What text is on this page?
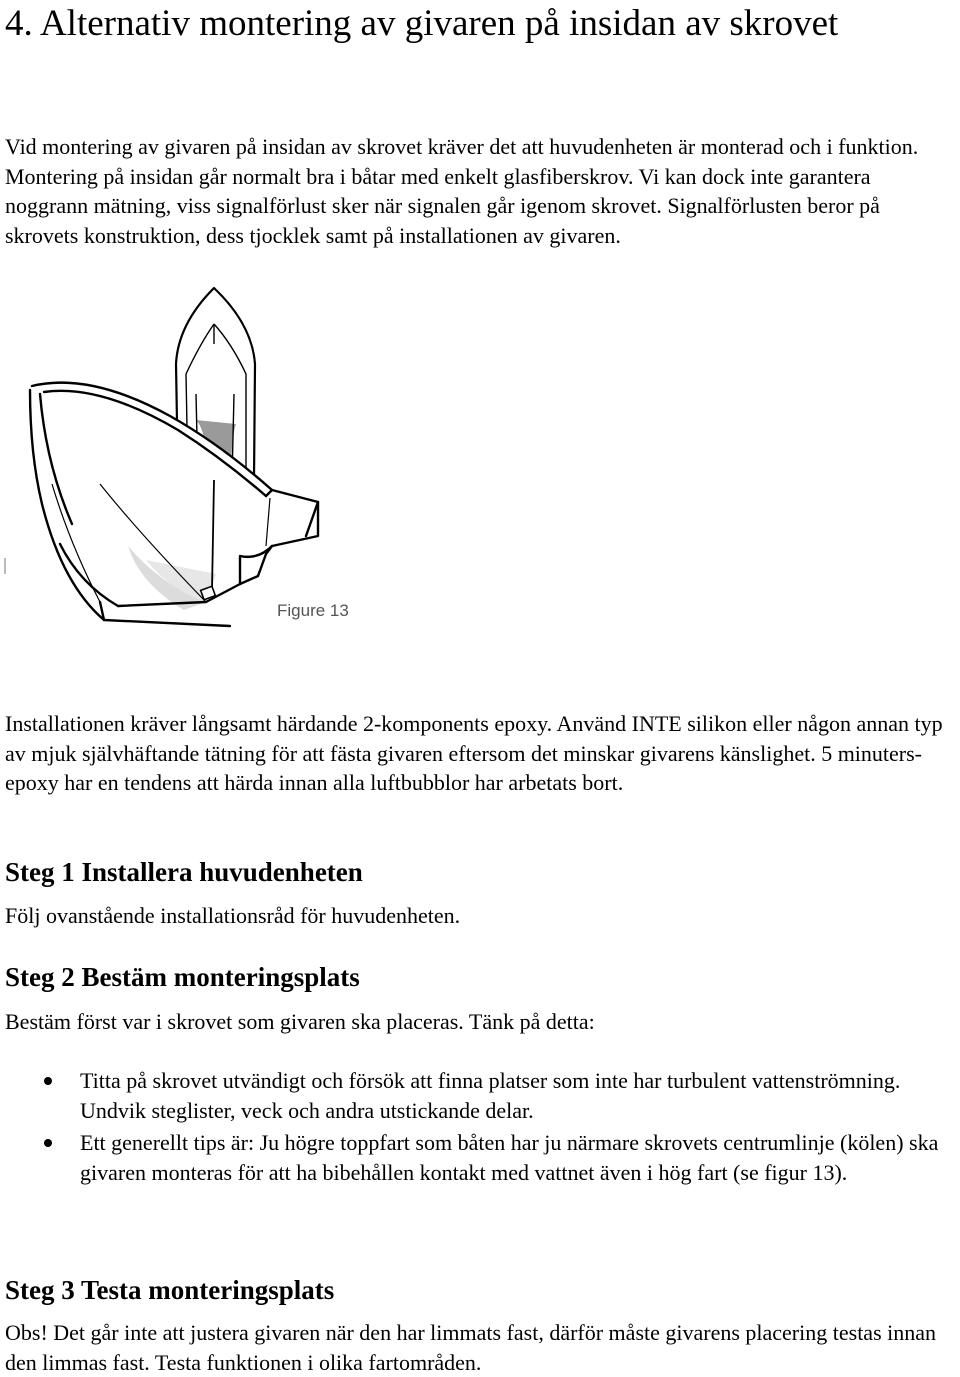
4. Alternativ montering av givaren på insidan av skrovet

Vid montering av givaren på insidan av skrovet kräver det att huvudenheten är monterad och i funktion. Montering på insidan går normalt bra i båtar med enkelt glasfiberskrov. Vi kan dock inte garantera noggrann mätning, viss signalförlust sker när signalen går igenom skrovet. Signalförlusten beror på skrovets konstruktion, dess tjocklek samt på installationen av givaren.

Figure 13

Installationen kräver långsamt härdande 2-komponents epoxy. Använd INTE silikon eller någon annan typ av mjuk självhäftande tätning för att fästa givaren eftersom det minskar givarens känslighet. 5 minuters-epoxy har en tendens att härda innan alla luftbubblor har arbetats bort.

Steg 1 Installera huvudenheten

Följ ovanstående installationsråd för huvudenheten.

Steg 2 Bestäm monteringsplats

Bestäm först var i skrovet som givaren ska placeras. Tänk på detta:

Titta på skrovet utvändigt och försök att finna platser som inte har turbulent vattenströmning. Undvik steglister, veck och andra utstickande delar.
Ett generellt tips är: Ju högre toppfart som båten har ju närmare skrovets centrumlinje (kölen) ska givaren monteras för att ha bibehållen kontakt med vattnet även i hög fart (se figur 13).
Steg 3 Testa monteringsplats

Obs! Det går inte att justera givaren när den har limmats fast, därför måste givarens placering testas innan den limmas fast. Testa funktionen i olika fartområden.
